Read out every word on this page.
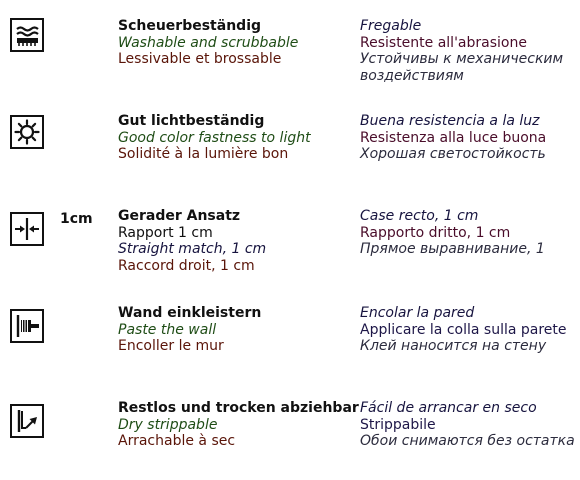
Scheuerbeständig
Washable and scrubbable
Lessivable et brossable
Fregable
Resistente all'abrasione
Устойчивы к механическим
воздействиям
Gut lichtbeständig
Good color fastness to light
Solidité à la lumière bon
Buena resistencia a la luz
Resistenza alla luce buona
Хорошая светостойкость
1cm Gerader Ansatz
Rapport 1 cm
Straight match, 1 cm
Raccord droit, 1 cm
Case recto, 1 cm
Rapporto dritto, 1 cm
Прямое выравнивание, 1
Wand einkleistern
Paste the wall
Encoller le mur
Encolar la pared
Applicare la colla sulla parete
Клей наносится на стену
Restlos und trocken abziehbar
Dry strippable
Arrachable à sec
Fácil de arrancar en seco
Strippabile
Обои снимаются без остатка
